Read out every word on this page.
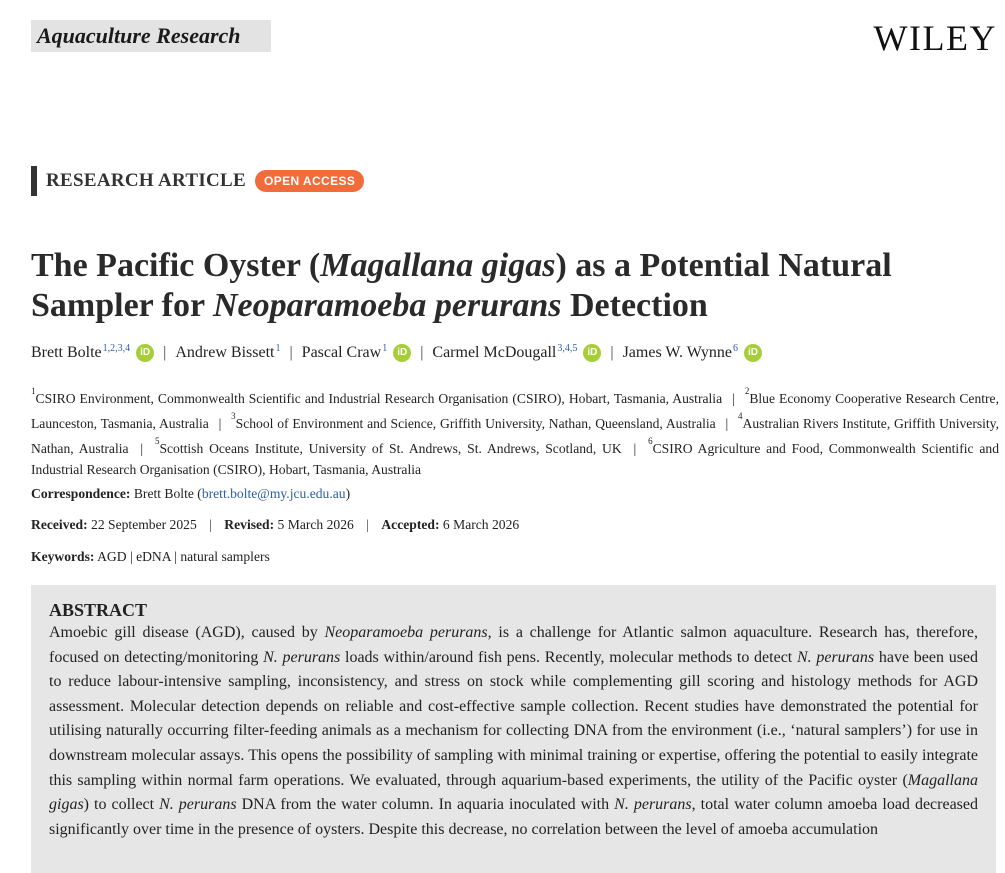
Aquaculture Research	WILEY
RESEARCH ARTICLE	OPEN ACCESS
The Pacific Oyster (Magallana gigas) as a Potential Natural Sampler for Neoparamoeba perurans Detection
Brett Bolte$^{1,2,3,4}$	iD | Andrew Bissett$^1$ | Pascal Craw$^1$	iD | Carmel McDougall$^{3,4,5}$	iD | James W. Wynne$^6$	iD
$^1$CSIRO Environment, Commonwealth Scientific and Industrial Research Organisation (CSIRO), Hobart, Tasmania, Australia | $^2$Blue Economy Cooperative Research Centre, Launceston, Tasmania, Australia | $^3$School of Environment and Science, Griffith University, Nathan, Queensland, Australia | $^4$Australian Rivers Institute, Griffith University, Nathan, Australia | $^5$Scottish Oceans Institute, University of St. Andrews, St. Andrews, Scotland, UK | $^6$CSIRO Agriculture and Food, Commonwealth Scientific and Industrial Research Organisation (CSIRO), Hobart, Tasmania, Australia
Correspondence: Brett Bolte (brett.bolte@my.jcu.edu.au)
Received: 22 September 2025 | Revised: 5 March 2026 | Accepted: 6 March 2026
Keywords: AGD | eDNA | natural samplers
ABSTRACT

Amoebic gill disease (AGD), caused by Neoparamoeba perurans, is a challenge for Atlantic salmon aquaculture. Research has, therefore, focused on detecting/monitoring N. perurans loads within/around fish pens. Recently, molecular methods to detect N. perurans have been used to reduce labour-intensive sampling, inconsistency, and stress on stock while complementing gill scoring and histology methods for AGD assessment. Molecular detection depends on reliable and cost-effective sample collection. Recent studies have demonstrated the potential for utilising naturally occurring filter-feeding animals as a mechanism for collecting DNA from the environment (i.e., ‘natural samplers’) for use in downstream molecular assays. This opens the possibility of sampling with minimal training or expertise, offering the potential to easily integrate this sampling within normal farm operations. We evaluated, through aquarium-based experiments, the utility of the Pacific oyster (Magallana gigas) to collect N. perurans DNA from the water column. In aquaria inoculated with N. perurans, total water column amoeba load decreased significantly over time in the presence of oysters. Despite this decrease, no correlation between the level of amoeba accumulation
